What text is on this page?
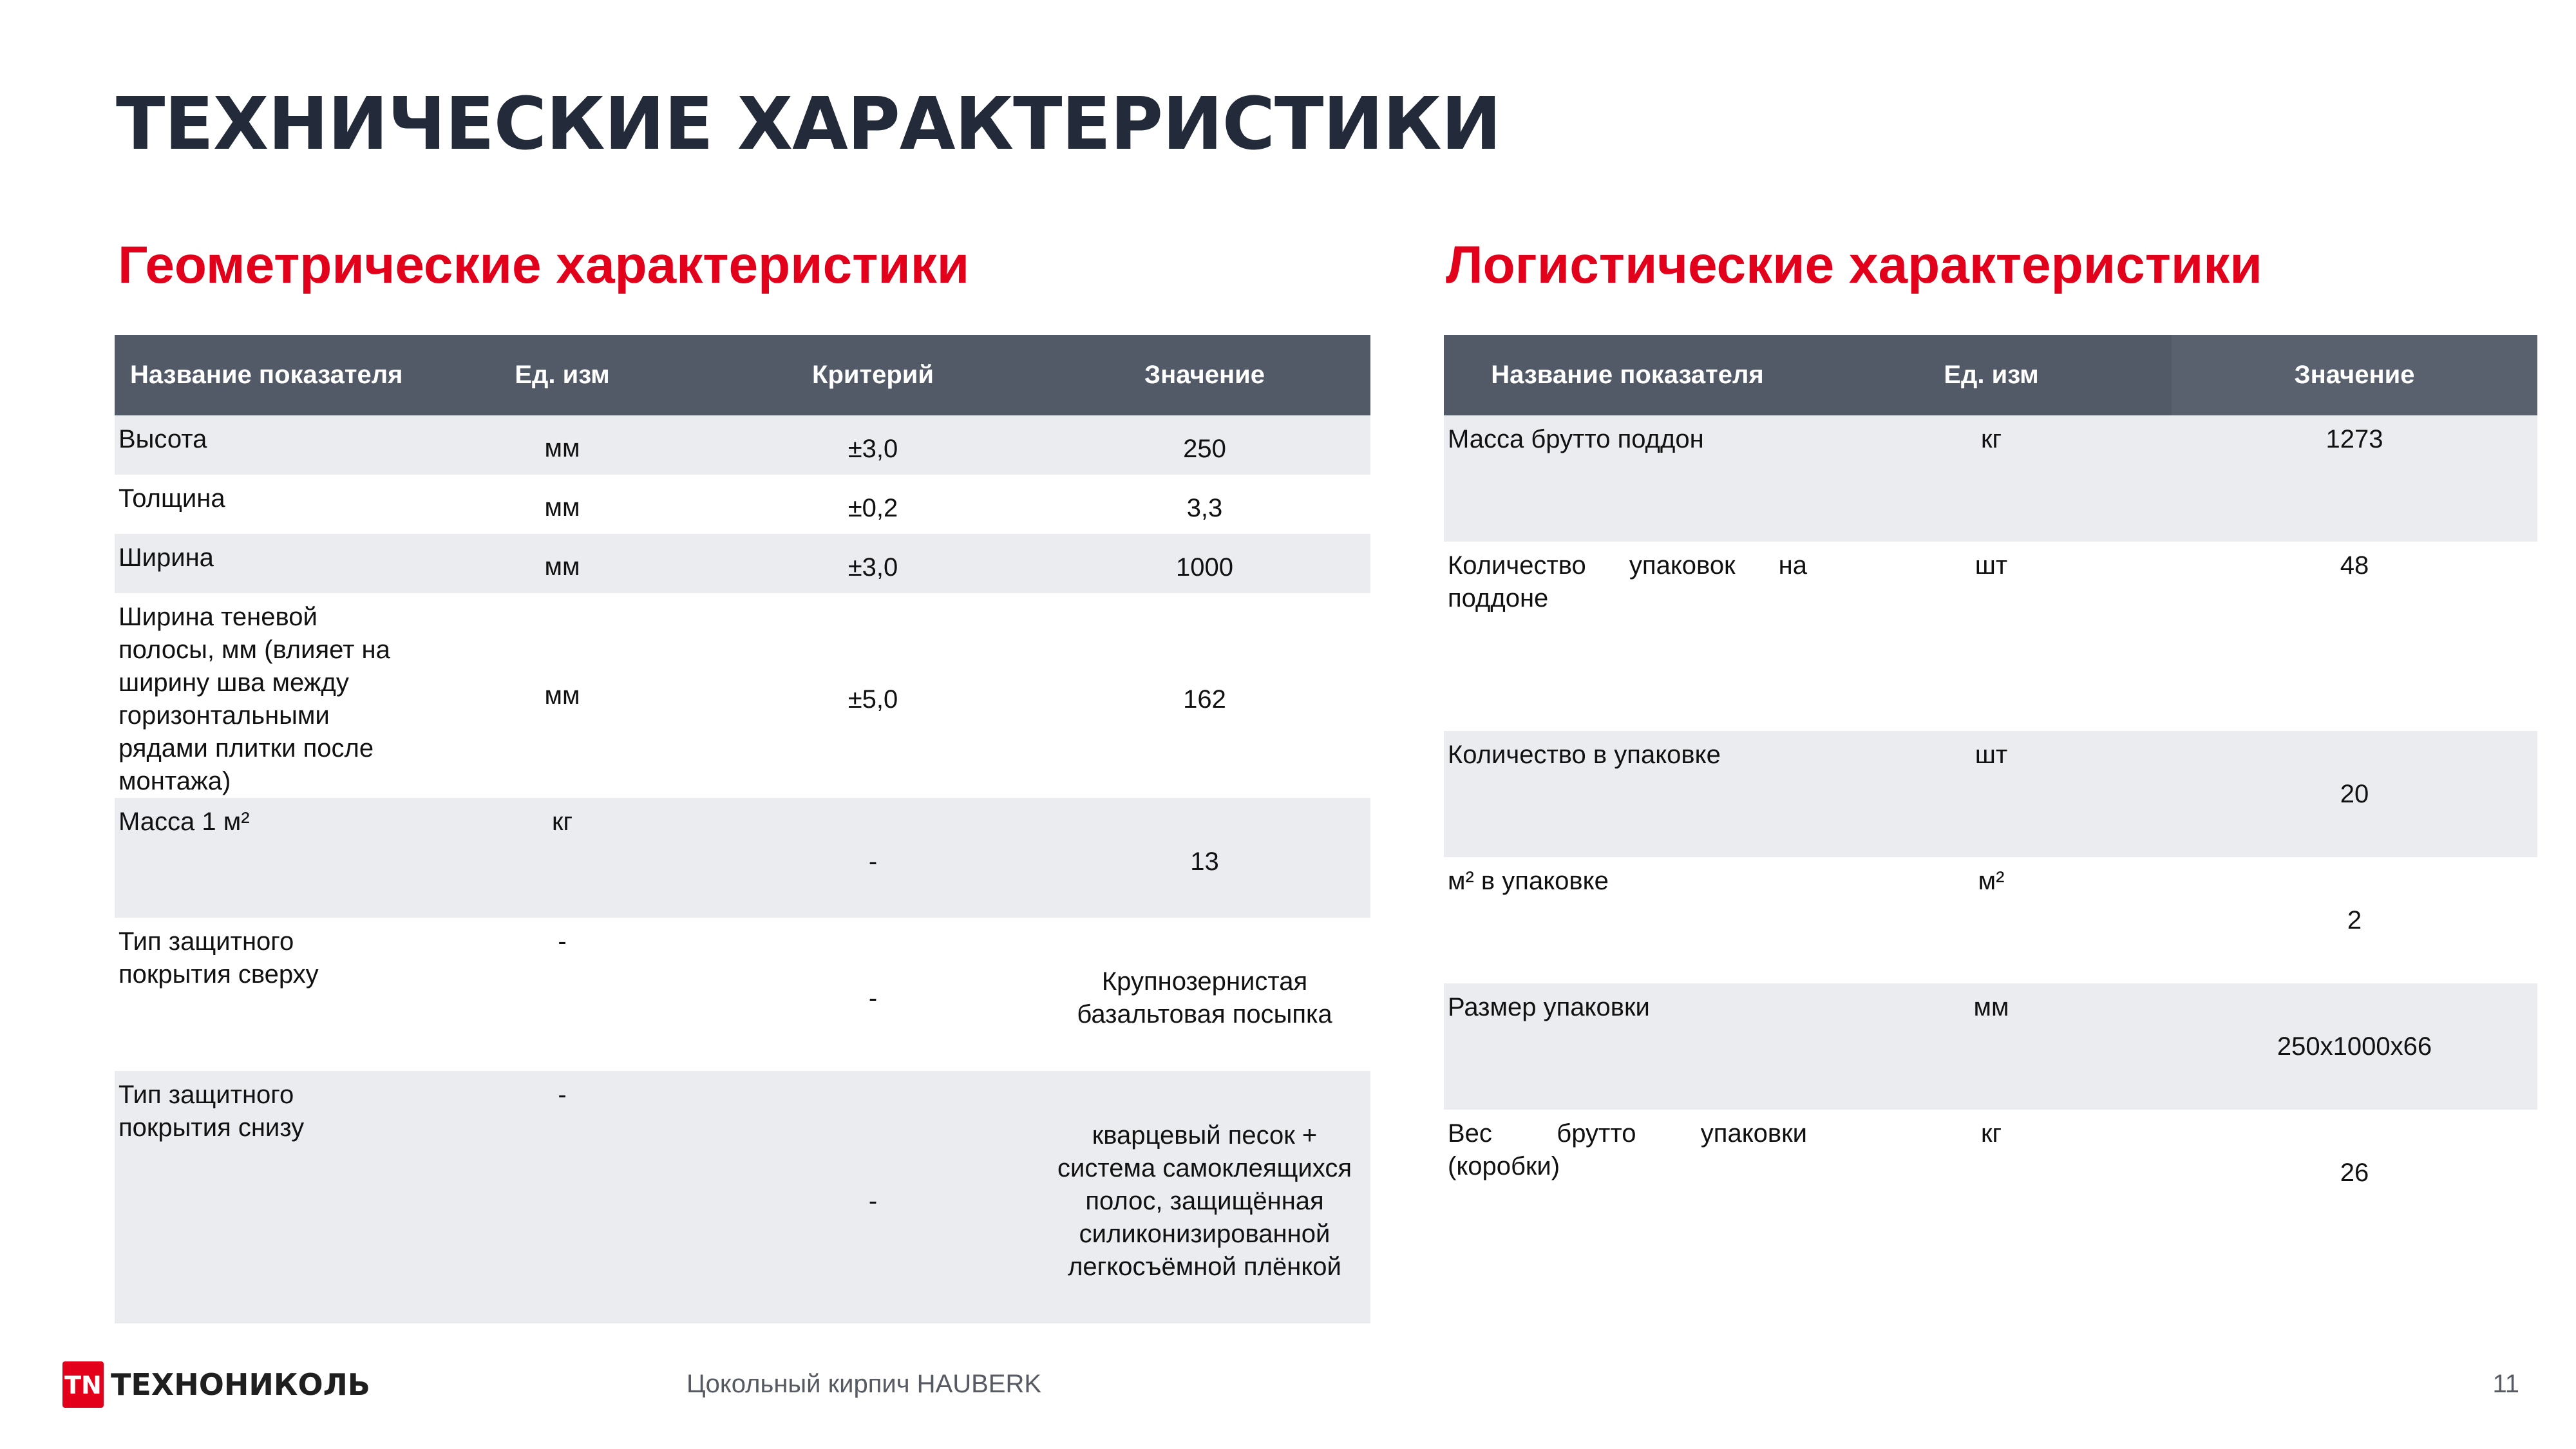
ТЕХНИЧЕСКИЕ ХАРАКТЕРИСТИКИ
Геометрические характеристики	Логистические характеристики
Название показателя	Ед. изм	Критерий	Значение
Высота	мм	±3,0	250
Толщина	мм	±0,2	3,3
Ширина	мм	±3,0	1000
Ширина теневой полосы, мм (влияет на ширину шва между горизонтальными рядами плитки после монтажа)	мм	±5,0	162
Масса 1 м²	кг	-	13
Тип защитного покрытия сверху	-	-	Крупнозернистая базальтовая посыпка
Тип защитного покрытия снизу	-	-	кварцевый песок + система самоклеящихся полос, защищённая силиконизированной легкосъёмной плёнкой
Название показателя	Ед. изм	Значение
Масса брутто поддон	кг	1273

Количество упаковок на поддоне	шт	48
Количество в упаковке	шт	20
м² в упаковке	м²	2
Размер упаковки	мм	250x1000x66

Вес брутто упаковки (коробки)	кг	26
TN ТЕХНОНИКОЛЬ	Цокольный кирпич HAUBERK	11
